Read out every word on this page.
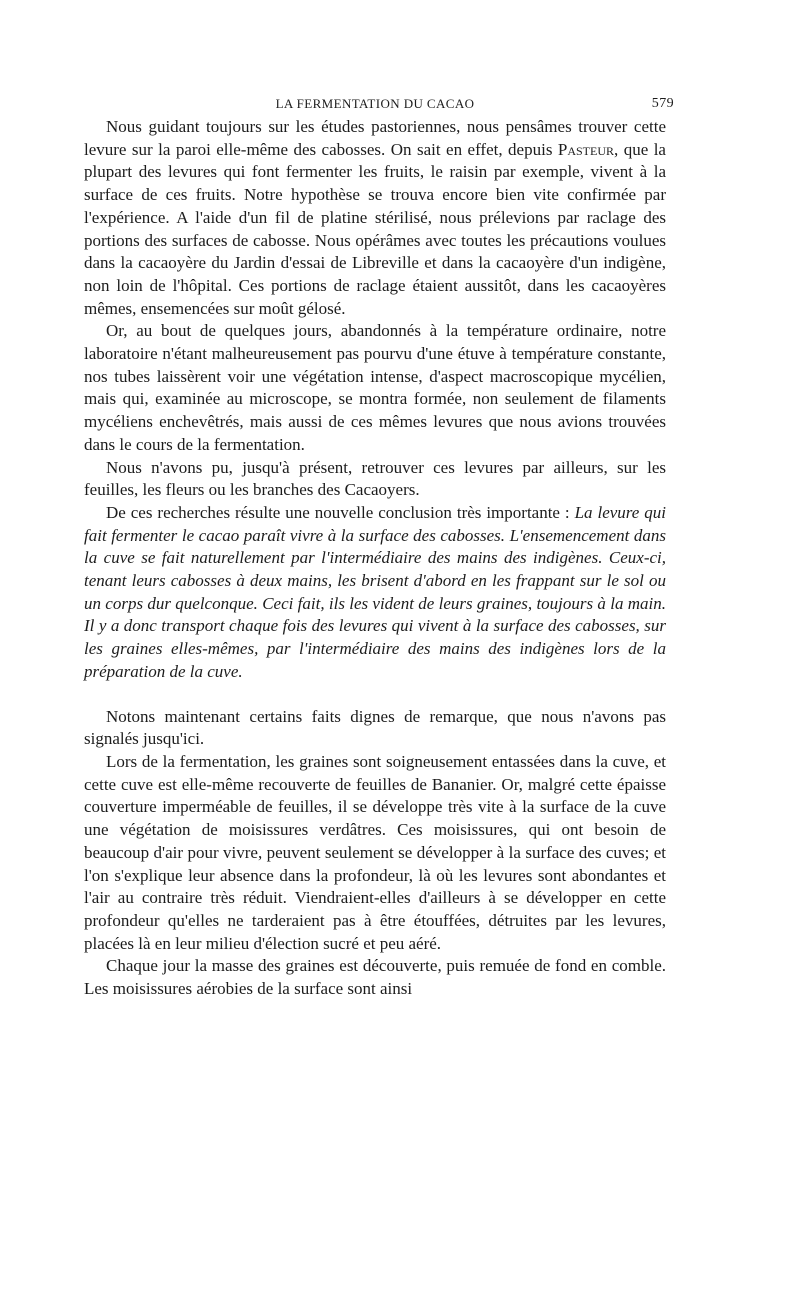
LA FERMENTATION DU CACAO	579

Nous guidant toujours sur les études pastoriennes, nous pensâmes trouver cette levure sur la paroi elle-même des cabosses. On sait en effet, depuis Pasteur, que la plupart des levures qui font fermenter les fruits, le raisin par exemple, vivent à la surface de ces fruits. Notre hypothèse se trouva encore bien vite confirmée par l'expérience. A l'aide d'un fil de platine stérilisé, nous prélevions par raclage des portions des surfaces de cabosse. Nous opérâmes avec toutes les précautions voulues dans la cacaoyère du Jardin d'essai de Libreville et dans la cacaoyère d'un indigène, non loin de l'hôpital. Ces portions de raclage étaient aussitôt, dans les cacaoyères mêmes, ensemencées sur moût gélosé.

Or, au bout de quelques jours, abandonnés à la température ordinaire, notre laboratoire n'étant malheureusement pas pourvu d'une étuve à température constante, nos tubes laissèrent voir une végétation intense, d'aspect macroscopique mycélien, mais qui, examinée au microscope, se montra formée, non seulement de filaments mycéliens enchevêtrés, mais aussi de ces mêmes levures que nous avions trouvées dans le cours de la fermentation.

Nous n'avons pu, jusqu'à présent, retrouver ces levures par ailleurs, sur les feuilles, les fleurs ou les branches des Cacaoyers.

De ces recherches résulte une nouvelle conclusion très importante : La levure qui fait fermenter le cacao paraît vivre à la surface des cabosses. L'ensemencement dans la cuve se fait naturellement par l'intermédiaire des mains des indigènes. Ceux-ci, tenant leurs cabosses à deux mains, les brisent d'abord en les frappant sur le sol ou un corps dur quelconque. Ceci fait, ils les vident de leurs graines, toujours à la main. Il y a donc transport chaque fois des levures qui vivent à la surface des cabosses, sur les graines elles-mêmes, par l'intermédiaire des mains des indigènes lors de la préparation de la cuve.

Notons maintenant certains faits dignes de remarque, que nous n'avons pas signalés jusqu'ici.

Lors de la fermentation, les graines sont soigneusement entassées dans la cuve, et cette cuve est elle-même recouverte de feuilles de Bananier. Or, malgré cette épaisse couverture imperméable de feuilles, il se développe très vite à la surface de la cuve une végétation de moisissures verdâtres. Ces moisissures, qui ont besoin de beaucoup d'air pour vivre, peuvent seulement se développer à la surface des cuves; et l'on s'explique leur absence dans la profondeur, là où les levures sont abondantes et l'air au contraire très réduit. Viendraient-elles d'ailleurs à se développer en cette profondeur qu'elles ne tarderaient pas à être étouffées, détruites par les levures, placées là en leur milieu d'élection sucré et peu aéré.

Chaque jour la masse des graines est découverte, puis remuée de fond en comble. Les moisissures aérobies de la surface sont ainsi
